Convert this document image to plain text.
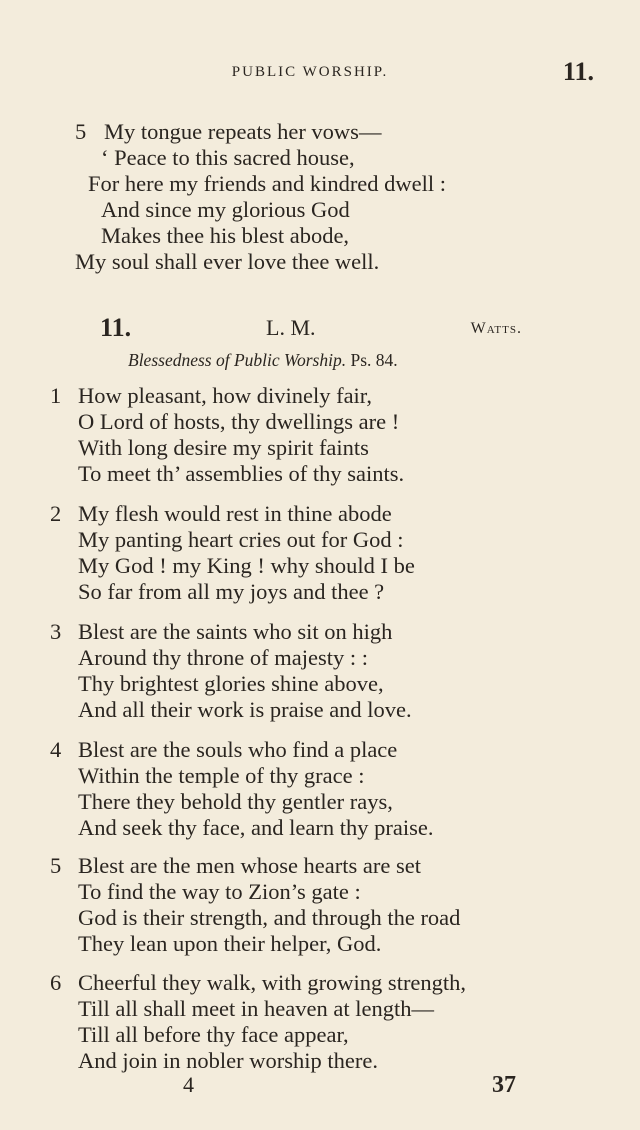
PUBLIC WORSHIP.	11.
5 My tongue repeats her vows—
‘ Peace to this sacred house,
For here my friends and kindred dwell :
And since my glorious God
Makes thee his blest abode,
My soul shall ever love thee well.
11.	L. M.	Watts.
Blessedness of Public Worship. Ps. 84.
1 How pleasant, how divinely fair,
O Lord of hosts, thy dwellings are !
With long desire my spirit faints
To meet th’ assemblies of thy saints.
2 My flesh would rest in thine abode
My panting heart cries out for God :
My God ! my King ! why should I be
So far from all my joys and thee ?
3 Blest are the saints who sit on high
Around thy throne of majesty : :
Thy brightest glories shine above,
And all their work is praise and love.
4 Blest are the souls who find a place
Within the temple of thy grace :
There they behold thy gentler rays,
And seek thy face, and learn thy praise.
5 Blest are the men whose hearts are set
To find the way to Zion’s gate :
God is their strength, and through the road
They lean upon their helper, God.
6 Cheerful they walk, with growing strength,
Till all shall meet in heaven at length—
Till all before thy face appear,
And join in nobler worship there.
4	37
